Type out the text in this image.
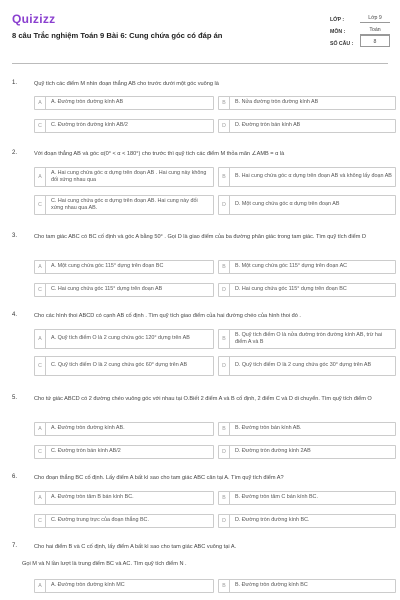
Quizizz
8 câu Trắc nghiệm Toán 9 Bài 6: Cung chứa góc có đáp án
LỚP :	Lớp 9
MÔN :	Toán
SỐ CÂU :	8
1.	Quỹ tích các điểm M nhìn đoạn thẳng AB cho trước dưới một góc vuông là
A	A. Đường tròn đường kính AB	B	B. Nửa đường tròn đường kính AB
C	C. Đường tròn đường kính AB/2	D	D. Đường tròn bán kính AB
2.	Với đoạn thẳng AB và góc α(0° < α < 180°) cho trước thì quỹ tích các điểm M thỏa mãn ∠AMB = α là
A
A. Hai cung chứa góc α dựng trên đoạn AB . Hai cung này không đối xứng nhau qua	B	B. Hai cung chứa góc α dựng trên đoạn AB và không lấy đoạn AB
C
C. Hai cung chứa góc α dựng trên đoạn AB. Hai cung này đối xứng nhau qua AB.	D	D. Một cung chứa góc α dựng trên đoạn AB
3.	Cho tam giác ABC có BC cố định và góc A bằng 50° . Gọi D là giao điểm của ba đường phân giác trong tam giác. Tìm quỹ tích điểm D
A	A. Một cung chứa góc 115° dựng trên đoạn BC	B	B. Một cung chứa góc 115° dựng trên đoạn AC
C	C. Hai cung chứa góc 115° dựng trên đoạn AB	D	D. Hai cung chứa góc 115° dựng trên đoạn BC
4.	Cho các hình thoi ABCD có cạnh AB cố định . Tìm quỹ tích giao điểm của hai đường chéo của hình thoi đó .
A	A. Quỹ tích điểm O là 2 cung chứa góc 120° dựng trên AB	B
B. Quỹ tích điểm O là nửa đường tròn đường kính AB, trừ hai điểm A và B
C	C. Quỹ tích điểm O là 2 cung chứa góc 60° dựng trên AB	D	D. Quỹ tích điểm O là 2 cung chứa góc 30° dựng trên AB
5.	Cho tứ giác ABCD có 2 đường chéo vuông góc với nhau tại O.Biết 2 điểm A và B cố định, 2 điểm C và D di chuyển. Tìm quỹ tích điểm O
A	A. Đường tròn đường kính AB.	B	B. Đường tròn bán kính AB.
C	C. Đường tròn bán kính AB/2	D	D. Đường tròn đường kính 2AB
6.	Cho đoạn thẳng BC cố định. Lấy điểm A bất kì sao cho tam giác ABC cân tại A. Tìm quỹ tích điểm A?
A	A. Đường tròn tâm B bán kính BC.	B	B. Đường tròn tâm C bán kính BC.
C	C. Đường trung trực của đoạn thẳng BC.	D	D. Đường tròn đường kính BC.
7.	Cho hai điểm B và C cố định, lấy điểm A bất kì sao cho tam giác ABC vuông tại A.
Gọi M và N lần lượt là trung điểm BC và AC. Tìm quỹ tích điểm N .
A	A. Đường tròn đường kính MC	B	B. Đường tròn đường kính BC
